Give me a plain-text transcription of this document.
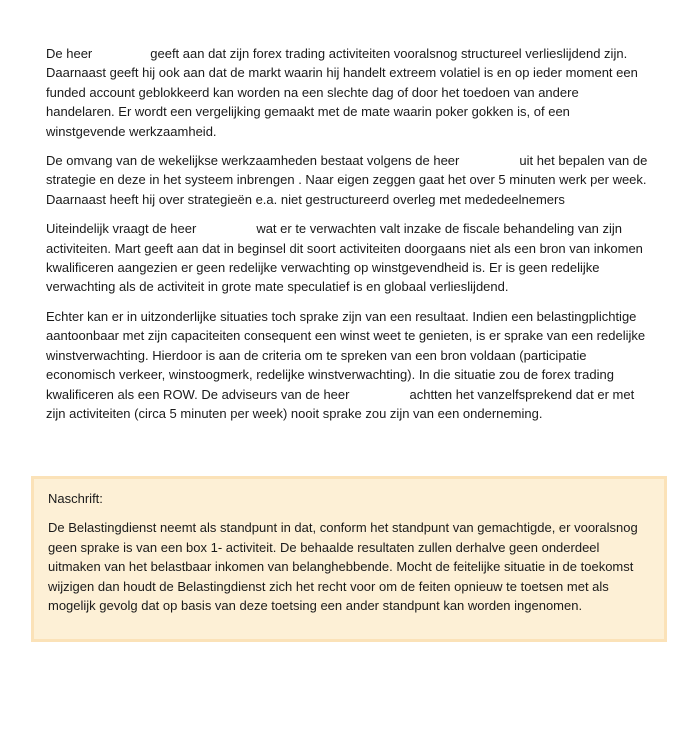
De heer	geeft aan dat zijn forex trading activiteiten vooralsnog structureel verlieslijdend zijn. Daarnaast geeft hij ook aan dat de markt waarin hij handelt extreem volatiel is en op ieder moment een funded account geblokkeerd kan worden na een slechte dag of door het toedoen van andere handelaren. Er wordt een vergelijking gemaakt met de mate waarin poker gokken is, of een winstgevende werkzaamheid.

De omvang van de wekelijkse werkzaamheden bestaat volgens de heer	uit het bepalen van de strategie en deze in het systeem inbrengen . Naar eigen zeggen gaat het over 5 minuten werk per week. Daarnaast heeft hij over strategieën e.a. niet gestructureerd overleg met mededeelnemers

Uiteindelijk vraagt de heer	wat er te verwachten valt inzake de fiscale behandeling van zijn activiteiten. Mart geeft aan dat in beginsel dit soort activiteiten doorgaans niet als een bron van inkomen kwalificeren aangezien er geen redelijke verwachting op winstgevendheid is. Er is geen redelijke verwachting als de activiteit in grote mate speculatief is en globaal verlieslijdend.

Echter kan er in uitzonderlijke situaties toch sprake zijn van een resultaat. Indien een belastingplichtige aantoonbaar met zijn capaciteiten consequent een winst weet te genieten, is er sprake van een redelijke winstverwachting. Hierdoor is aan de criteria om te spreken van een bron voldaan (participatie economisch verkeer, winstoogmerk, redelijke winstverwachting). In die situatie zou de forex trading kwalificeren als een ROW. De adviseurs van de heer	achtten het vanzelfsprekend dat er met zijn activiteiten (circa 5 minuten per week) nooit sprake zou zijn van een onderneming.

Naschrift:

De Belastingdienst neemt als standpunt in dat, conform het standpunt van gemachtigde, er vooralsnog geen sprake is van een box 1- activiteit. De behaalde resultaten zullen derhalve geen onderdeel uitmaken van het belastbaar inkomen van belanghebbende. Mocht de feitelijke situatie in de toekomst wijzigen dan houdt de Belastingdienst zich het recht voor om de feiten opnieuw te toetsen met als mogelijk gevolg dat op basis van deze toetsing een ander standpunt kan worden ingenomen.
